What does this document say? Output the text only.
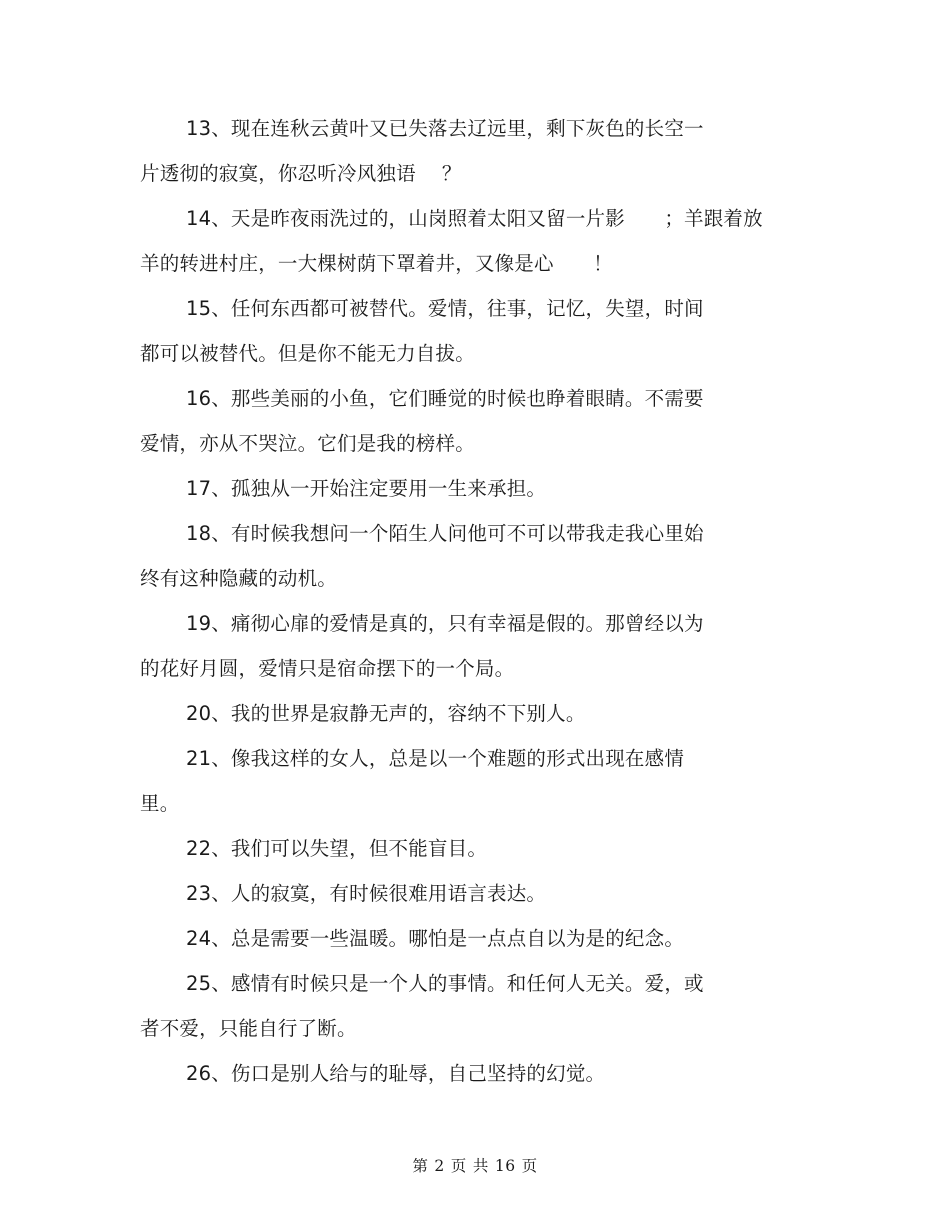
13、现在连秋云黄叶又已失落去辽远里，剩下灰色的长空一
片透彻的寂寞，你忍听冷风独语　 ？
14、天是昨夜雨洗过的，山岗照着太阳又留一片影　　；羊跟着放
羊的转进村庄，一大棵树荫下罩着井，又像是心　　！
15、任何东西都可被替代。爱情，往事，记忆，失望，时间
都可以被替代。但是你不能无力自拔。
16、那些美丽的小鱼，它们睡觉的时候也睁着眼睛。不需要
爱情，亦从不哭泣。它们是我的榜样。
17、孤独从一开始注定要用一生来承担。
18、有时候我想问一个陌生人问他可不可以带我走我心里始
终有这种隐藏的动机。
19、痛彻心扉的爱情是真的，只有幸福是假的。那曾经以为
的花好月圆，爱情只是宿命摆下的一个局。
20、我的世界是寂静无声的，容纳不下别人。
21、像我这样的女人，总是以一个难题的形式出现在感情
里。
22、我们可以失望，但不能盲目。
23、人的寂寞，有时候很难用语言表达。
24、总是需要一些温暖。哪怕是一点点自以为是的纪念。
25、感情有时候只是一个人的事情。和任何人无关。爱，或
者不爱，只能自行了断。
26、伤口是别人给与的耻辱，自己坚持的幻觉。
第 2 页 共 16 页
